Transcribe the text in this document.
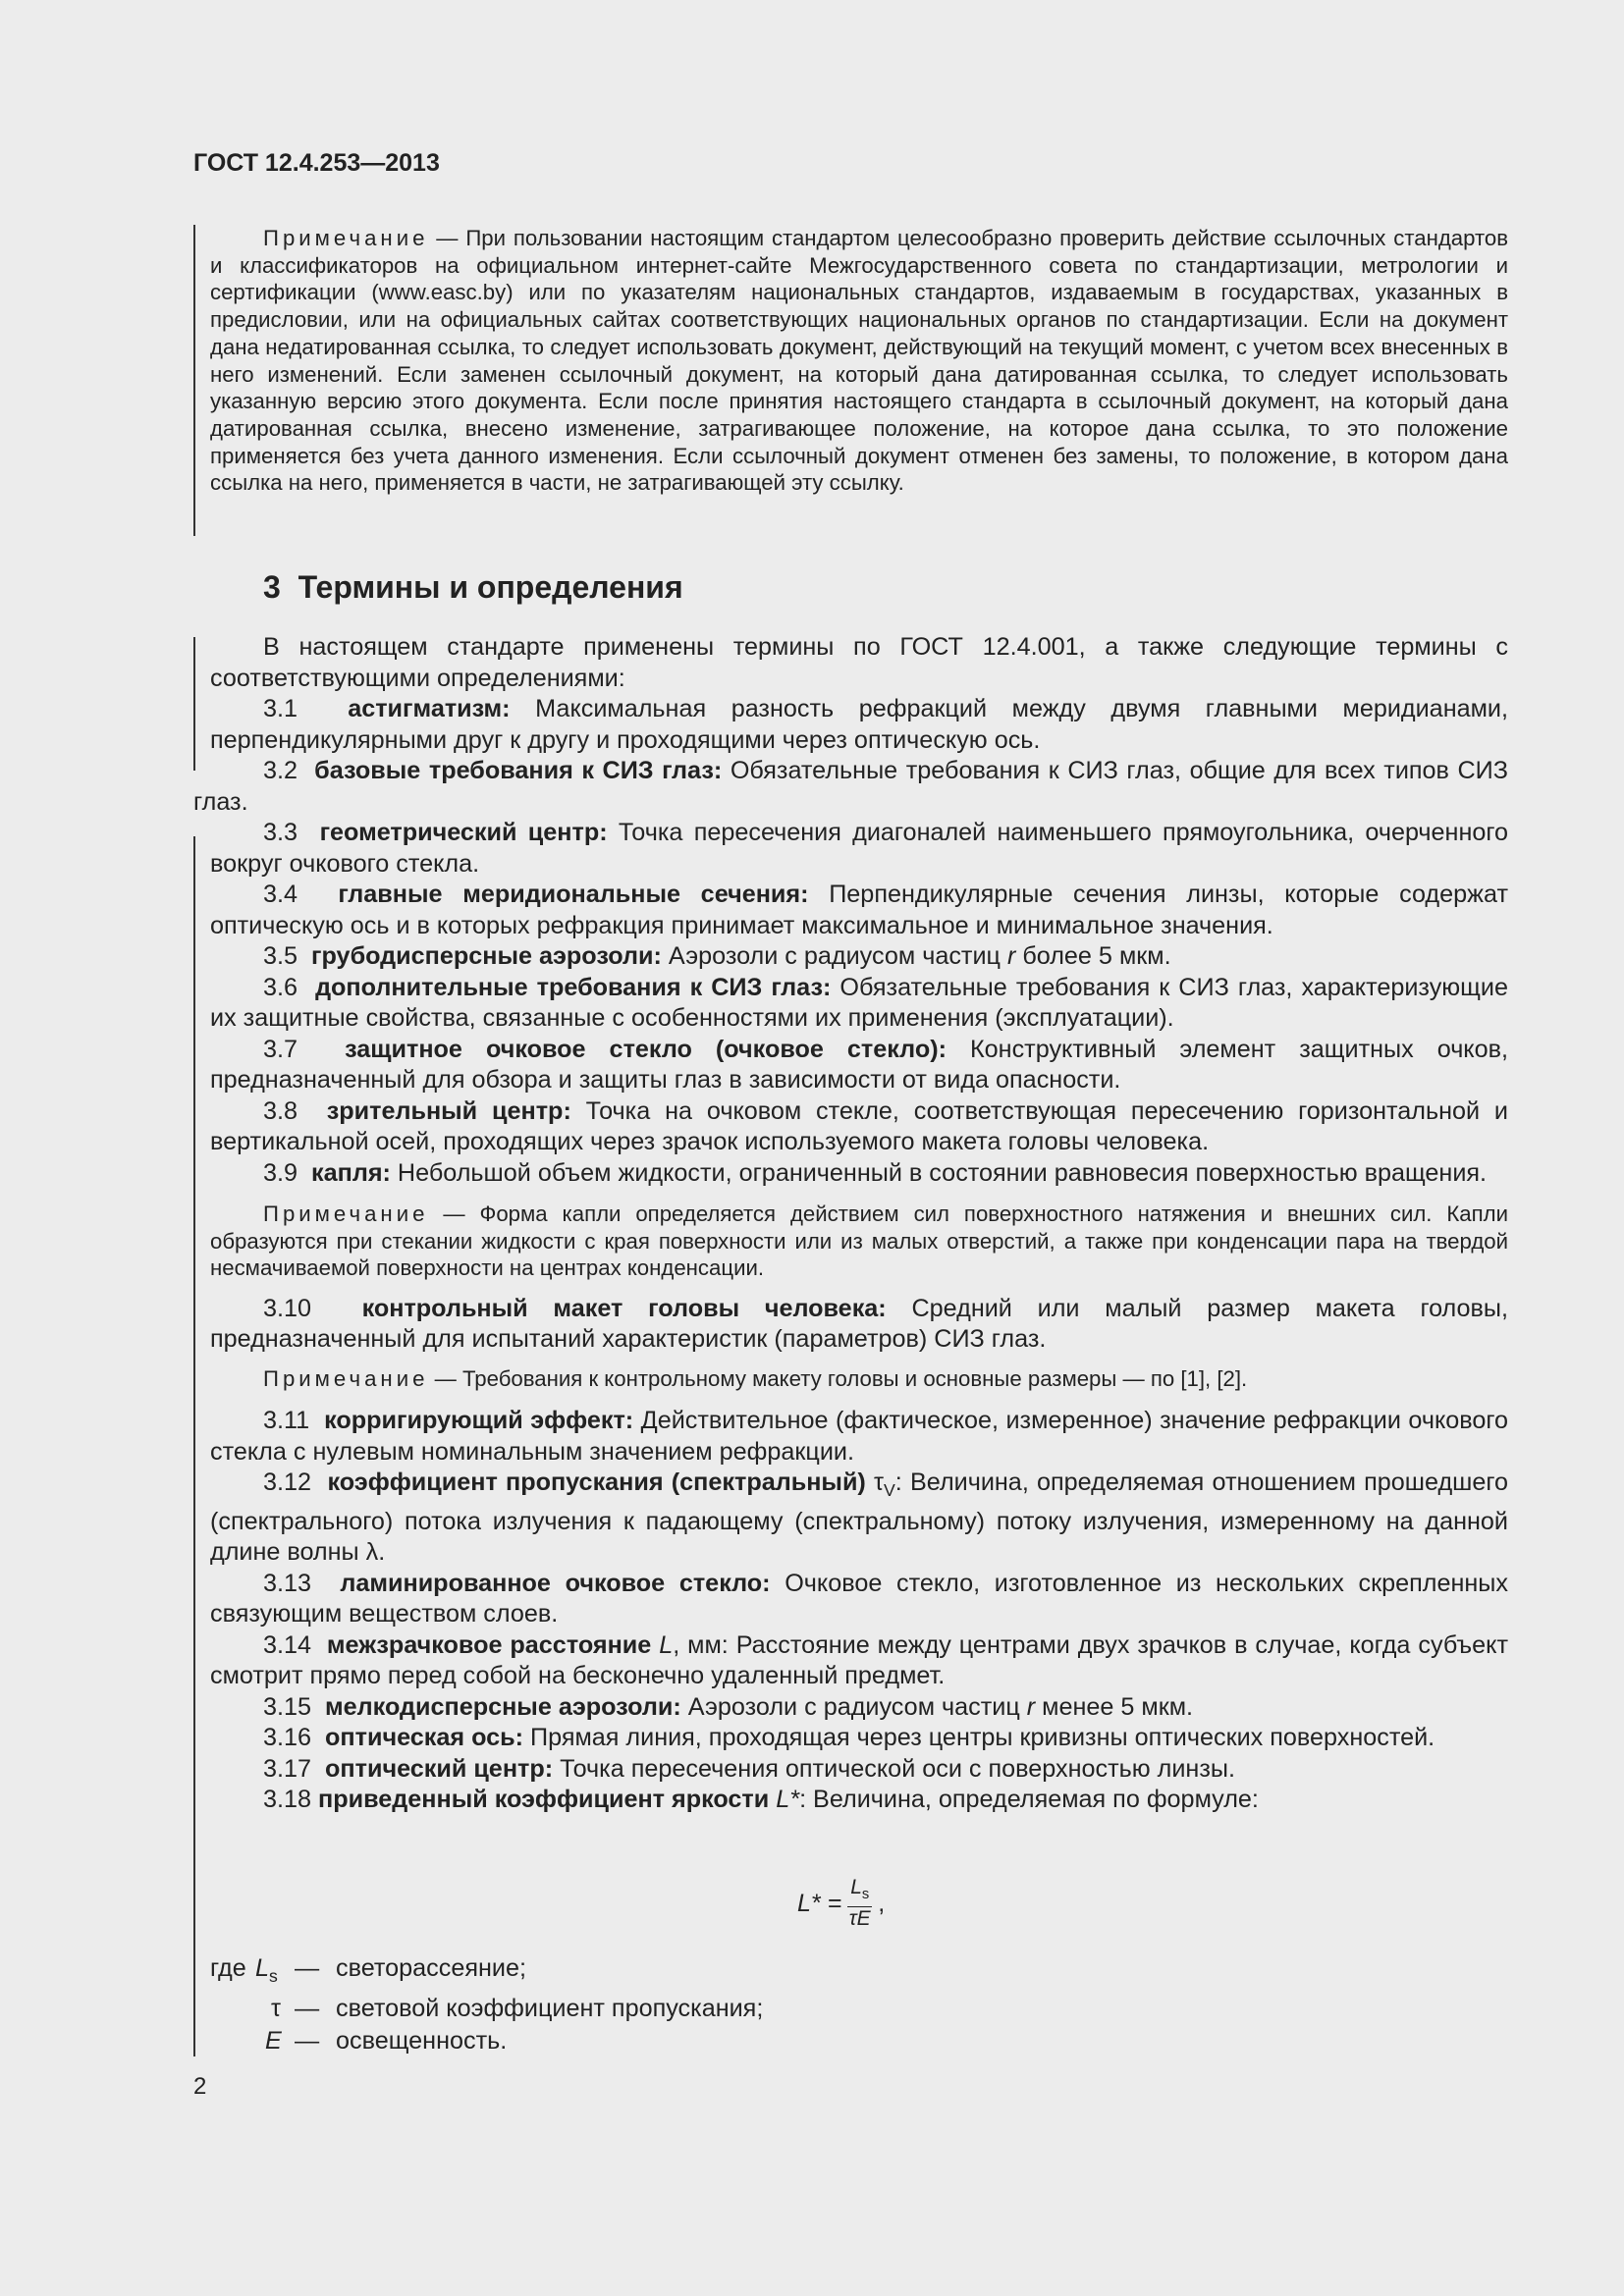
ГОСТ 12.4.253—2013

Примечание — При пользовании настоящим стандартом целесообразно проверить действие ссылочных стандартов и классификаторов на официальном интернет-сайте Межгосударственного совета по стандартизации, метрологии и сертификации (www.easc.by) или по указателям национальных стандартов, издаваемым в государствах, указанных в предисловии, или на официальных сайтах соответствующих национальных органов по стандартизации. Если на документ дана недатированная ссылка, то следует использовать документ, действующий на текущий момент, с учетом всех внесенных в него изменений. Если заменен ссылочный документ, на который дана датированная ссылка, то следует использовать указанную версию этого документа. Если после принятия настоящего стандарта в ссылочный документ, на который дана датированная ссылка, внесено изменение, затрагивающее положение, на которое дана ссылка, то это положение применяется без учета данного изменения. Если ссылочный документ отменен без замены, то положение, в котором дана ссылка на него, применяется в части, не затрагивающей эту ссылку.

3 Термины и определения

В настоящем стандарте применены термины по ГОСТ 12.4.001, а также следующие термины с соответствующими определениями:

3.1 астигматизм: Максимальная разность рефракций между двумя главными меридианами, перпендикулярными друг к другу и проходящими через оптическую ось.

3.2 базовые требования к СИЗ глаз: Обязательные требования к СИЗ глаз, общие для всех типов СИЗ глаз.

3.3 геометрический центр: Точка пересечения диагоналей наименьшего прямоугольника, очерченного вокруг очкового стекла.

3.4 главные меридиональные сечения: Перпендикулярные сечения линзы, которые содержат оптическую ось и в которых рефракция принимает максимальное и минимальное значения.

3.5 грубодисперсные аэрозоли: Аэрозоли с радиусом частиц r более 5 мкм.

3.6 дополнительные требования к СИЗ глаз: Обязательные требования к СИЗ глаз, характеризующие их защитные свойства, связанные с особенностями их применения (эксплуатации).

3.7 защитное очковое стекло (очковое стекло): Конструктивный элемент защитных очков, предназначенный для обзора и защиты глаз в зависимости от вида опасности.

3.8 зрительный центр: Точка на очковом стекле, соответствующая пересечению горизонтальной и вертикальной осей, проходящих через зрачок используемого макета головы человека.

3.9 капля: Небольшой объем жидкости, ограниченный в состоянии равновесия поверхностью вращения.

Примечание — Форма капли определяется действием сил поверхностного натяжения и внешних сил. Капли образуются при стекании жидкости с края поверхности или из малых отверстий, а также при конденсации пара на твердой несмачиваемой поверхности на центрах конденсации.

3.10 контрольный макет головы человека: Средний или малый размер макета головы, предназначенный для испытаний характеристик (параметров) СИЗ глаз.

Примечание — Требования к контрольному макету головы и основные размеры — по [1], [2].

3.11 корригирующий эффект: Действительное (фактическое, измеренное) значение рефракции очкового стекла с нулевым номинальным значением рефракции.

3.12 коэффициент пропускания (спектральный) $\tau_V$: Величина, определяемая отношением прошедшего (спектрального) потока излучения к падающему (спектральному) потоку излучения, измеренному на данной длине волны λ.

3.13 ламинированное очковое стекло: Очковое стекло, изготовленное из нескольких скрепленных связующим веществом слоев.

3.14 межзрачковое расстояние L, мм: Расстояние между центрами двух зрачков в случае, когда субъект смотрит прямо перед собой на бесконечно удаленный предмет.

3.15 мелкодисперсные аэрозоли: Аэрозоли с радиусом частиц r менее 5 мкм.

3.16 оптическая ось: Прямая линия, проходящая через центры кривизны оптических поверхностей.

3.17 оптический центр: Точка пересечения оптической оси с поверхностью линзы.

3.18 приведенный коэффициент яркости L*: Величина, определяемая по формуле:

$L* = \frac{L_s}{\tau E}$ ,
где $L_s$ — светорассеяние;
τ — световой коэффициент пропускания;
E — освещенность.
2
